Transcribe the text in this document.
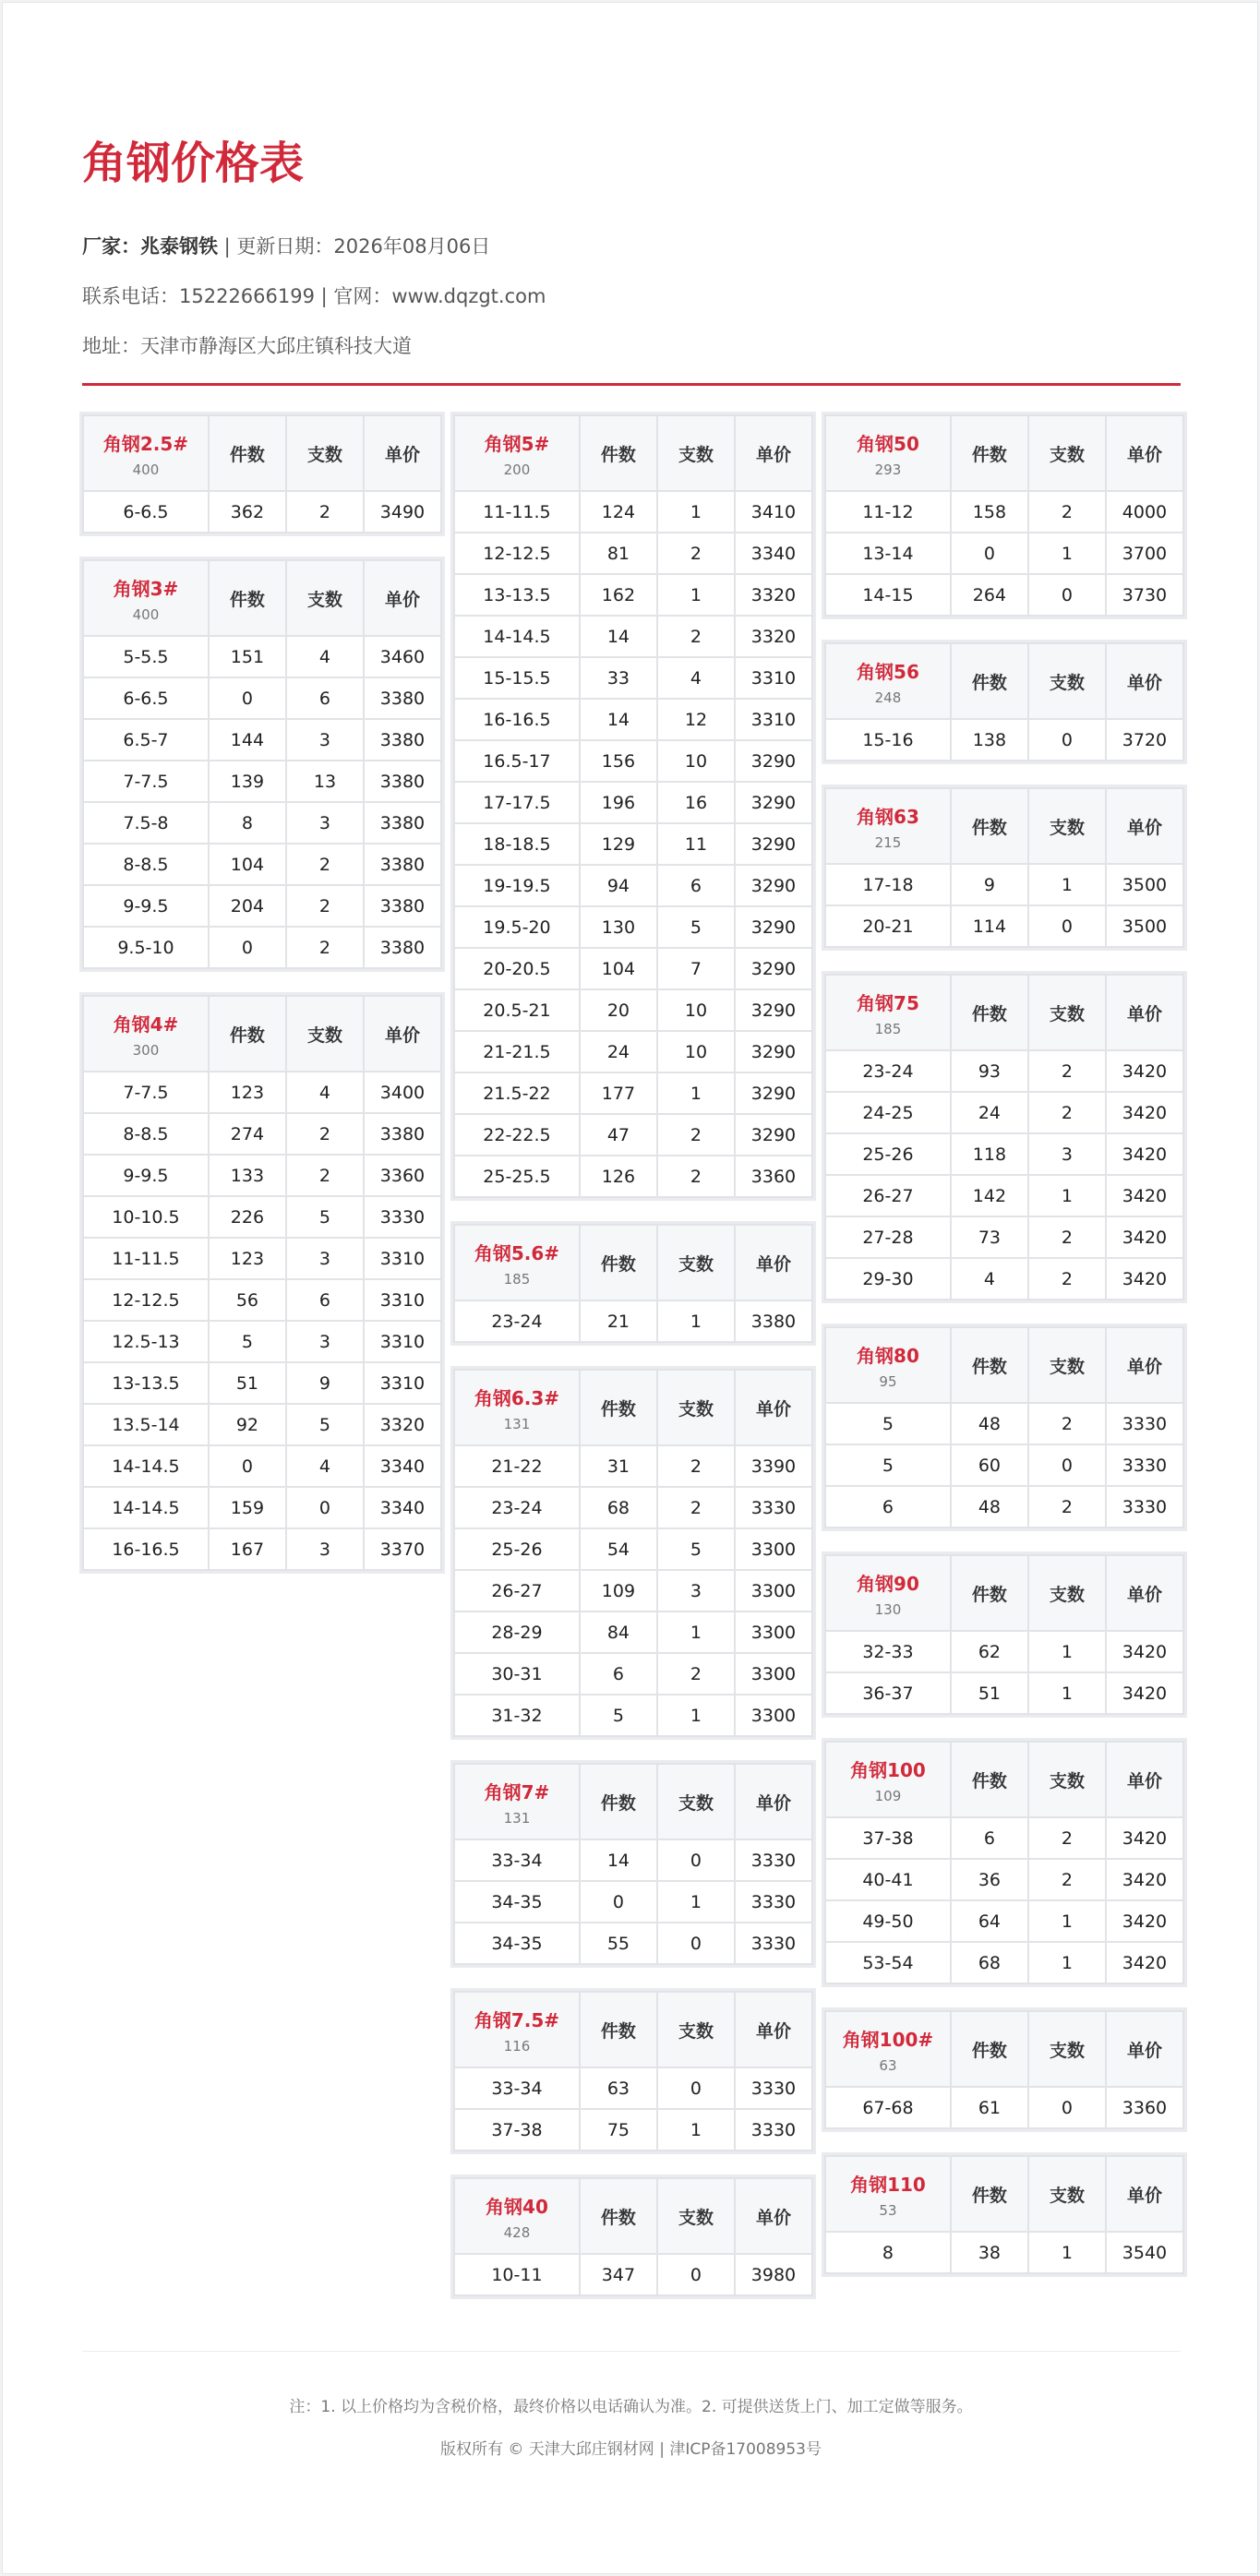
角钢价格表
厂家：兆泰钢铁 | 更新日期：2026年08月06日
联系电话：15222666199 | 官网：www.dqzgt.com
地址：天津市静海区大邱庄镇科技大道
角钢2.5#
400	件数	支数	单价
6-6.5	362	2	3490
角钢3#
400	件数	支数	单价
5-5.5	151	4	3460
6-6.5	0	6	3380
6.5-7	144	3	3380
7-7.5	139	13	3380
7.5-8	8	3	3380
8-8.5	104	2	3380
9-9.5	204	2	3380
9.5-10	0	2	3380
角钢4#
300	件数	支数	单价
7-7.5	123	4	3400
8-8.5	274	2	3380
9-9.5	133	2	3360
10-10.5	226	5	3330
11-11.5	123	3	3310
12-12.5	56	6	3310
12.5-13	5	3	3310
13-13.5	51	9	3310
13.5-14	92	5	3320
14-14.5	0	4	3340
14-14.5	159	0	3340
16-16.5	167	3	3370
角钢5#
200	件数	支数	单价
11-11.5	124	1	3410
12-12.5	81	2	3340
13-13.5	162	1	3320
14-14.5	14	2	3320
15-15.5	33	4	3310
16-16.5	14	12	3310
16.5-17	156	10	3290
17-17.5	196	16	3290
18-18.5	129	11	3290
19-19.5	94	6	3290
19.5-20	130	5	3290
20-20.5	104	7	3290
20.5-21	20	10	3290
21-21.5	24	10	3290
21.5-22	177	1	3290
22-22.5	47	2	3290
25-25.5	126	2	3360
角钢5.6#
185	件数	支数	单价
23-24	21	1	3380
角钢6.3#
131	件数	支数	单价
21-22	31	2	3390
23-24	68	2	3330
25-26	54	5	3300
26-27	109	3	3300
28-29	84	1	3300
30-31	6	2	3300
31-32	5	1	3300
角钢7#
131	件数	支数	单价
33-34	14	0	3330
34-35	0	1	3330
34-35	55	0	3330
角钢7.5#
116	件数	支数	单价
33-34	63	0	3330
37-38	75	1	3330
角钢40
428	件数	支数	单价
10-11	347	0	3980
角钢50
293	件数	支数	单价
11-12	158	2	4000
13-14	0	1	3700
14-15	264	0	3730
角钢56
248	件数	支数	单价
15-16	138	0	3720
角钢63
215	件数	支数	单价
17-18	9	1	3500
20-21	114	0	3500
角钢75
185	件数	支数	单价
23-24	93	2	3420
24-25	24	2	3420
25-26	118	3	3420
26-27	142	1	3420
27-28	73	2	3420
29-30	4	2	3420
角钢80
95	件数	支数	单价
5	48	2	3330
5	60	0	3330
6	48	2	3330
角钢90
130	件数	支数	单价
32-33	62	1	3420
36-37	51	1	3420
角钢100
109	件数	支数	单价
37-38	6	2	3420
40-41	36	2	3420
49-50	64	1	3420
53-54	68	1	3420
角钢100#
63	件数	支数	单价
67-68	61	0	3360
角钢110
53	件数	支数	单价
8	38	1	3540
注：1. 以上价格均为含税价格，最终价格以电话确认为准。2. 可提供送货上门、加工定做等服务。
版权所有 © 天津大邱庄钢材网 | 津ICP备17008953号
